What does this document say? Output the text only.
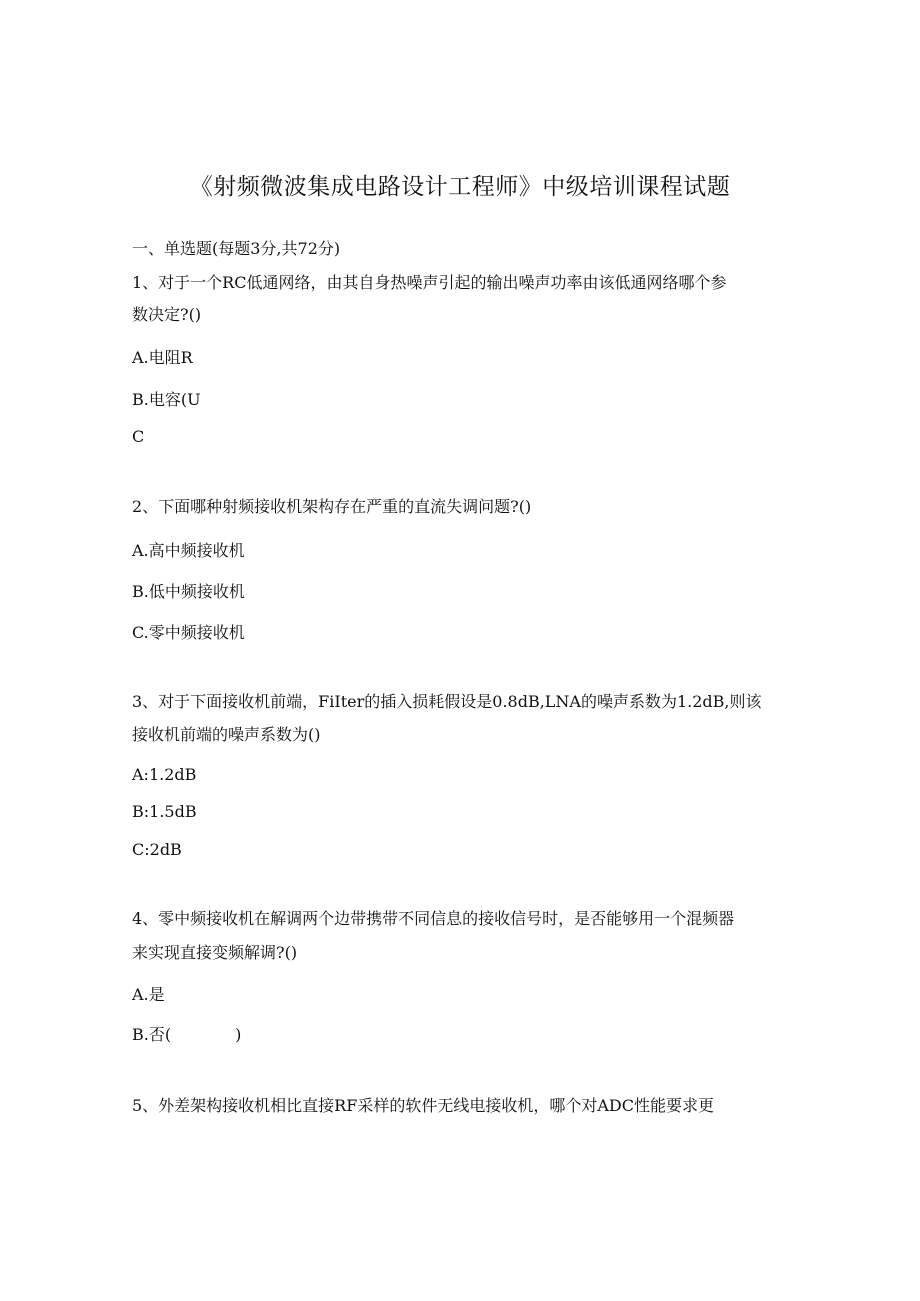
《射频微波集成电路设计工程师》中级培训课程试题
一、单选题(每题3分,共72分)
1、对于一个RC低通网络，由其自身热噪声引起的输出噪声功率由该低通网络哪个参
数决定?()
A.电阻R
B.电容(U
C
2、下面哪种射频接收机架构存在严重的直流失调问题?()
A.高中频接收机
B.低中频接收机
C.零中频接收机
3、对于下面接收机前端，FiIter的插入损耗假设是0.8dB,LNA的噪声系数为1.2dB,则该
接收机前端的噪声系数为()
A:1.2dB
B:1.5dB
C:2dB
4、零中频接收机在解调两个边带携带不同信息的接收信号时，是否能够用一个混频器
来实现直接变频解调?()
A.是
B.否(　　　　)
5、外差架构接收机相比直接RF采样的软件无线电接收机，哪个对ADC性能要求更
